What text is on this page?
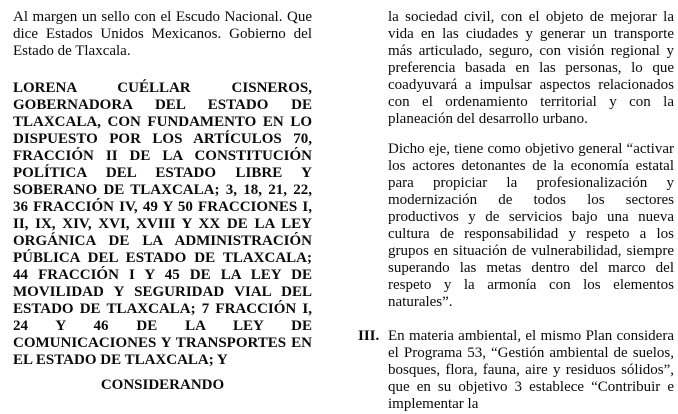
Al margen un sello con el Escudo Nacional. Que dice Estados Unidos Mexicanos. Gobierno del Estado de Tlaxcala.

LORENA CUÉLLAR CISNEROS, GOBERNADORA DEL ESTADO DE TLAXCALA, CON FUNDAMENTO EN LO DISPUESTO POR LOS ARTÍCULOS 70, FRACCIÓN II DE LA CONSTITUCIÓN POLÍTICA DEL ESTADO LIBRE Y SOBERANO DE TLAXCALA; 3, 18, 21, 22, 36 FRACCIÓN IV, 49 Y 50 FRACCIONES I, II, IX, XIV, XVI, XVIII Y XX DE LA LEY ORGÁNICA DE LA ADMINISTRACIÓN PÚBLICA DEL ESTADO DE TLAXCALA; 44 FRACCIÓN I Y 45 DE LA LEY DE MOVILIDAD Y SEGURIDAD VIAL DEL ESTADO DE TLAXCALA; 7 FRACCIÓN I, 24 Y 46 DE LA LEY DE COMUNICACIONES Y TRANSPORTES EN EL ESTADO DE TLAXCALA; Y

CONSIDERANDO

la sociedad civil, con el objeto de mejorar la vida en las ciudades y generar un transporte más articulado, seguro, con visión regional y preferencia basada en las personas, lo que coadyuvará a impulsar aspectos relacionados con el ordenamiento territorial y con la planeación del desarrollo urbano.

Dicho eje, tiene como objetivo general “activar los actores detonantes de la economía estatal para propiciar la profesionalización y modernización de todos los sectores productivos y de servicios bajo una nueva cultura de responsabilidad y respeto a los grupos en situación de vulnerabilidad, siempre superando las metas dentro del marco del respeto y la armonía con los elementos naturales”.

III. En materia ambiental, el mismo Plan considera el Programa 53, “Gestión ambiental de suelos, bosques, flora, fauna, aire y residuos sólidos”, que en su objetivo 3 establece “Contribuir e implementar la
